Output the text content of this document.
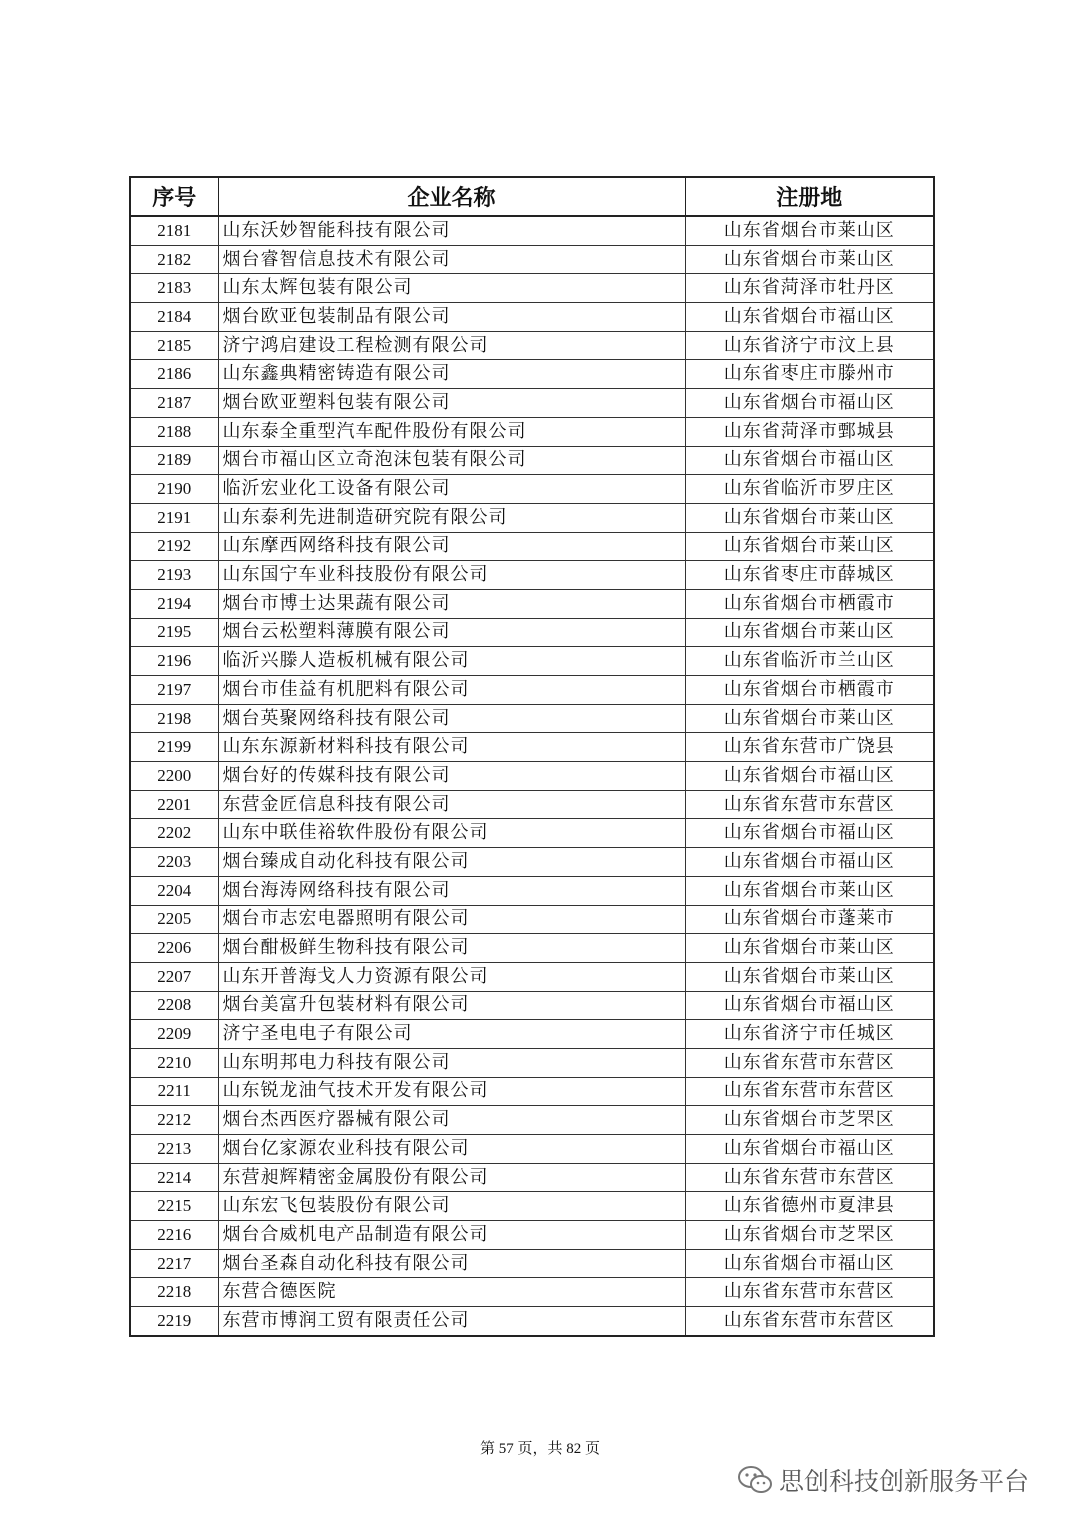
序号	企业名称	注册地
2181	山东沃妙智能科技有限公司	山东省烟台市莱山区
2182	烟台睿智信息技术有限公司	山东省烟台市莱山区
2183	山东太辉包装有限公司	山东省菏泽市牡丹区
2184	烟台欧亚包装制品有限公司	山东省烟台市福山区
2185	济宁鸿启建设工程检测有限公司	山东省济宁市汶上县
2186	山东鑫典精密铸造有限公司	山东省枣庄市滕州市
2187	烟台欧亚塑料包装有限公司	山东省烟台市福山区
2188	山东泰全重型汽车配件股份有限公司	山东省菏泽市鄄城县
2189	烟台市福山区立奇泡沫包装有限公司	山东省烟台市福山区
2190	临沂宏业化工设备有限公司	山东省临沂市罗庄区
2191	山东泰利先进制造研究院有限公司	山东省烟台市莱山区
2192	山东摩西网络科技有限公司	山东省烟台市莱山区
2193	山东国宁车业科技股份有限公司	山东省枣庄市薛城区
2194	烟台市博士达果蔬有限公司	山东省烟台市栖霞市
2195	烟台云松塑料薄膜有限公司	山东省烟台市莱山区
2196	临沂兴滕人造板机械有限公司	山东省临沂市兰山区
2197	烟台市佳益有机肥料有限公司	山东省烟台市栖霞市
2198	烟台英聚网络科技有限公司	山东省烟台市莱山区
2199	山东东源新材料科技有限公司	山东省东营市广饶县
2200	烟台好的传媒科技有限公司	山东省烟台市福山区
2201	东营金匠信息科技有限公司	山东省东营市东营区
2202	山东中联佳裕软件股份有限公司	山东省烟台市福山区
2203	烟台臻成自动化科技有限公司	山东省烟台市福山区
2204	烟台海涛网络科技有限公司	山东省烟台市莱山区
2205	烟台市志宏电器照明有限公司	山东省烟台市蓬莱市
2206	烟台酣极鲜生物科技有限公司	山东省烟台市莱山区
2207	山东开普海戈人力资源有限公司	山东省烟台市莱山区
2208	烟台美富升包装材料有限公司	山东省烟台市福山区
2209	济宁圣电电子有限公司	山东省济宁市任城区
2210	山东明邦电力科技有限公司	山东省东营市东营区
2211	山东锐龙油气技术开发有限公司	山东省东营市东营区
2212	烟台杰西医疗器械有限公司	山东省烟台市芝罘区
2213	烟台亿家源农业科技有限公司	山东省烟台市福山区
2214	东营昶辉精密金属股份有限公司	山东省东营市东营区
2215	山东宏飞包装股份有限公司	山东省德州市夏津县
2216	烟台合威机电产品制造有限公司	山东省烟台市芝罘区
2217	烟台圣森自动化科技有限公司	山东省烟台市福山区
2218	东营合德医院	山东省东营市东营区
2219	东营市博润工贸有限责任公司	山东省东营市东营区
第 57 页，共 82 页
思创科技创新服务平台
